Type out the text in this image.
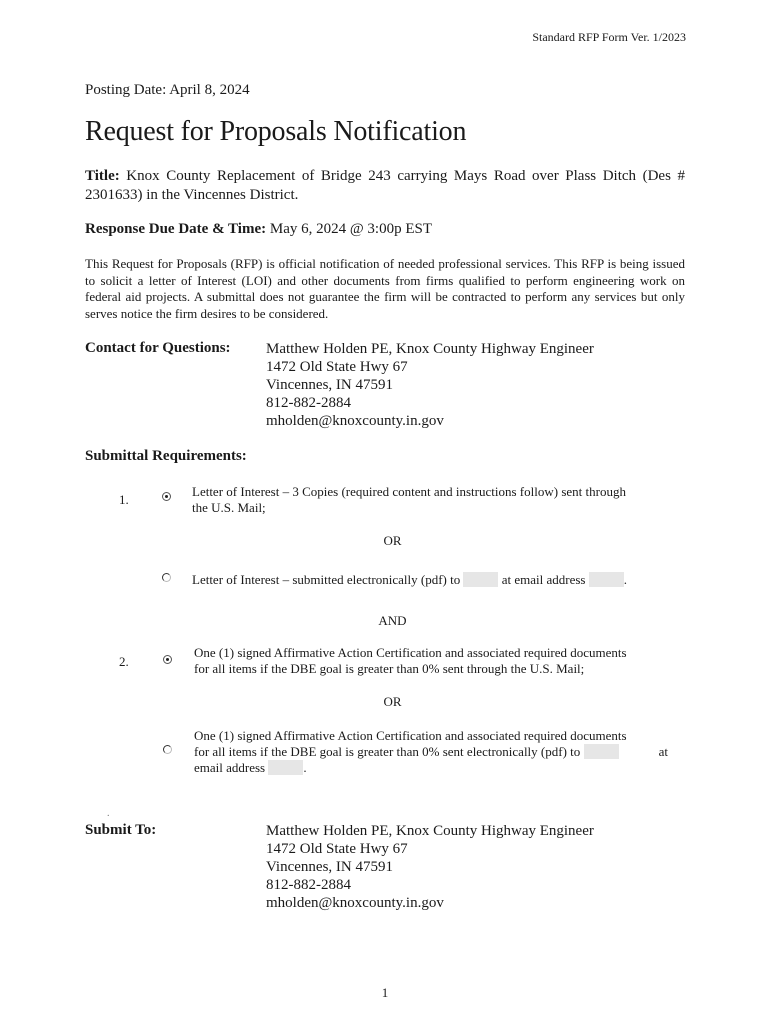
Standard RFP Form Ver. 1/2023
Posting Date: April 8, 2024
Request for Proposals Notification
Title: Knox County Replacement of Bridge 243 carrying Mays Road over Plass Ditch (Des # 2301633) in the Vincennes District.
Response Due Date & Time: May 6, 2024 @ 3:00p EST
This Request for Proposals (RFP) is official notification of needed professional services. This RFP is being issued to solicit a letter of Interest (LOI) and other documents from firms qualified to perform engineering work on federal aid projects. A submittal does not guarantee the firm will be contracted to perform any services but only serves notice the firm desires to be considered.
Contact for Questions: Matthew Holden PE, Knox County Highway Engineer
1472 Old State Hwy 67
Vincennes, IN 47591
812-882-2884
mholden@knoxcounty.in.gov
Submittal Requirements:
1.
Letter of Interest – 3 Copies (required content and instructions follow) sent through
the U.S. Mail;
OR
Letter of Interest – submitted electronically (pdf) to	at email address	.
AND
2.
One (1) signed Affirmative Action Certification and associated required documents
for all items if the DBE goal is greater than 0% sent through the U.S. Mail;
OR
One (1) signed Affirmative Action Certification and associated required documents
for all items if the DBE goal is greater than 0% sent electronically (pdf) to	at
email address	.
.
Submit To:	Matthew Holden PE, Knox County Highway Engineer
1472 Old State Hwy 67
Vincennes, IN 47591
812-882-2884
mholden@knoxcounty.in.gov
1
